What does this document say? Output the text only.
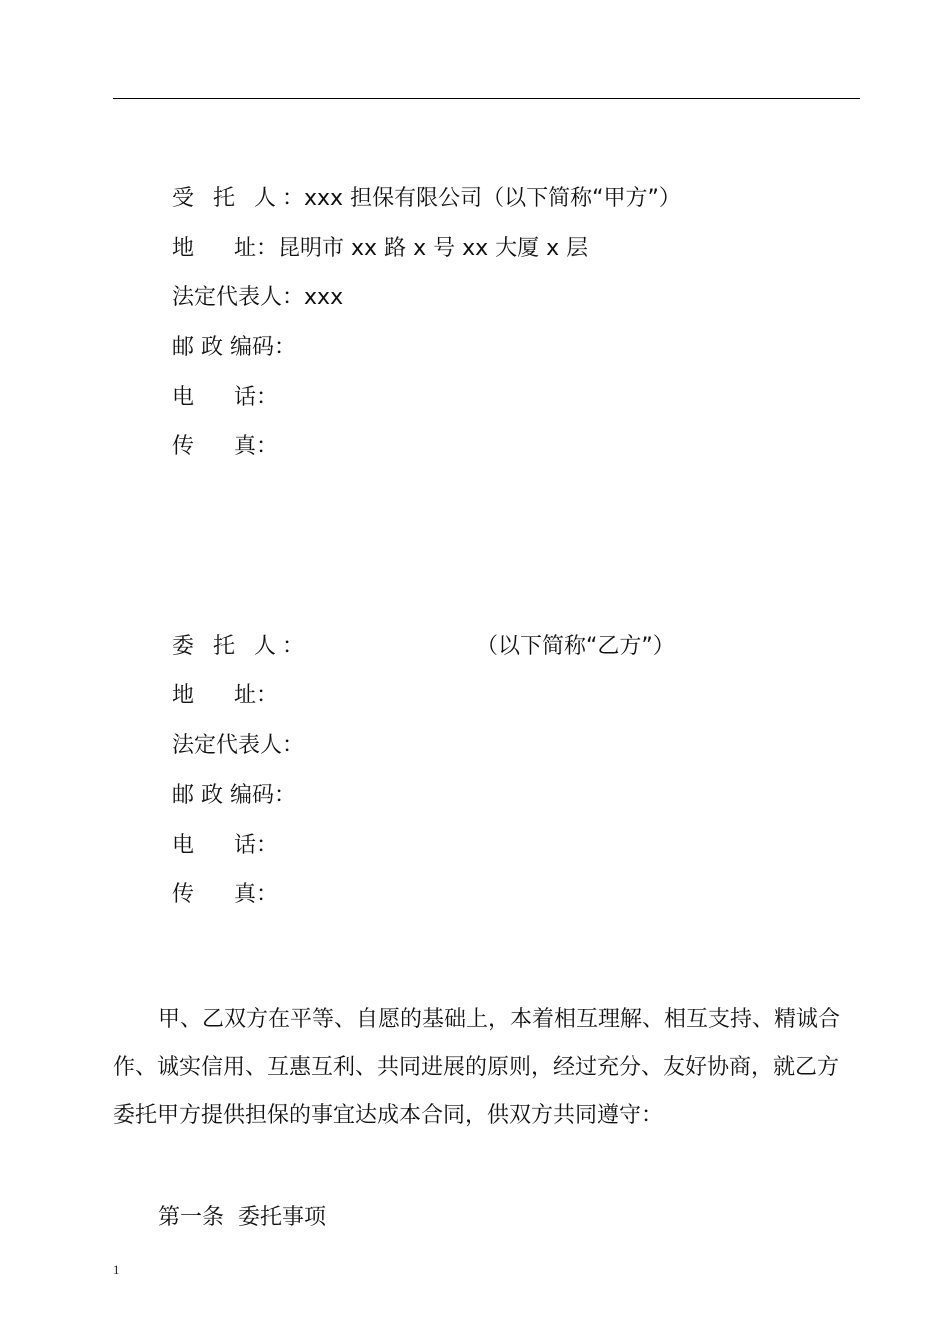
受 托 人：xxx 担保有限公司（以下简称“甲方”）

地 址：昆明市 xx 路 x 号 xx 大厦 x 层

法定代表人：xxx

邮 政 编码：

电 话：

传 真：

委 托 人：	（以下简称“乙方”）

地 址：

法定代表人：

邮 政 编码：

电 话：

传 真：

甲、乙双方在平等、自愿的基础上，本着相互理解、相互支持、精诚合
作、诚实信用、互惠互利、共同进展的原则，经过充分、友好协商，就乙方
委托甲方提供担保的事宜达成本合同，供双方共同遵守：
第一条  委托事项
1
